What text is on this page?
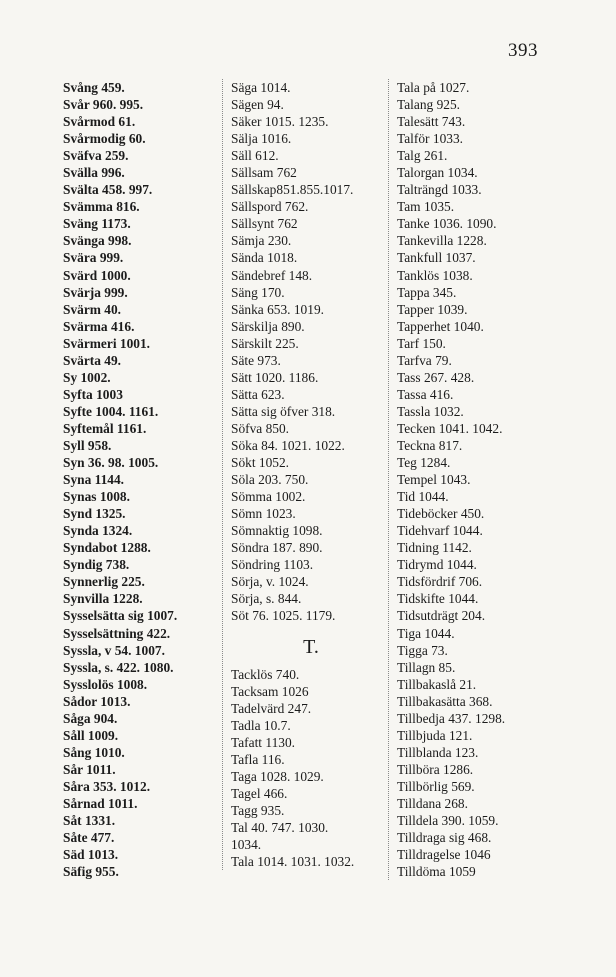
393
Svång 459.
Svår 960. 995.
Svårmod 61.
Svårmodig 60.
Sväfva 259.
Svälla 996.
Svälta 458. 997.
Svämma 816.
Sväng 1173.
Svänga 998.
Svära 999.
Svärd 1000.
Svärja 999.
Svärm 40.
Svärma 416.
Svärmeri 1001.
Svärta 49.
Sy 1002.
Syfta 1003
Syfte 1004. 1161.
Syftemål 1161.
Syll 958.
Syn 36. 98. 1005.
Syna 1144.
Synas 1008.
Synd 1325.
Synda 1324.
Syndabot 1288.
Syndig 738.
Synnerlig 225.
Synvilla 1228.
Sysselsätta sig 1007.
Sysselsättning 422.
Syssla, v 54. 1007.
Syssla, s. 422. 1080.
Sysslolös 1008.
Sådor 1013.
Såga 904.
Såll 1009.
Sång 1010.
Sår 1011.
Såra 353. 1012.
Sårnad 1011.
Såt 1331.
Såte 477.
Säd 1013.
Säfig 955.
Säga 1014.
Sägen 94.
Säker 1015. 1235.
Sälja 1016.
Säll 612.
Sällsam 762
Sällskap851.855.1017.
Sällspord 762.
Sällsynt 762
Sämja 230.
Sända 1018.
Sändebref 148.
Säng 170.
Sänka 653. 1019.
Särskilja 890.
Särskilt 225.
Säte 973.
Sätt 1020. 1186.
Sätta 623.
Sätta sig öfver 318.
Söfva 850.
Söka 84. 1021. 1022.
Sökt 1052.
Söla 203. 750.
Sömma 1002.
Sömn 1023.
Sömnaktig 1098.
Söndra 187. 890.
Söndring 1103.
Sörja, v. 1024.
Sörja, s. 844.
Söt 76. 1025. 1179.
T.
Tacklös 740.
Tacksam 1026
Tadelvärd 247.
Tadla 10.7.
Tafatt 1130.
Tafla 116.
Taga 1028. 1029.
Tagel 466.
Tagg 935.
Tal 40. 747. 1030.
1034.
Tala 1014. 1031. 1032.
Tala på 1027.
Talang 925.
Talesätt 743.
Talför 1033.
Talg 261.
Talorgan 1034.
Talträngd 1033.
Tam 1035.
Tanke 1036. 1090.
Tankevilla 1228.
Tankfull 1037.
Tanklös 1038.
Tappa 345.
Tapper 1039.
Tapperhet 1040.
Tarf 150.
Tarfva 79.
Tass 267. 428.
Tassa 416.
Tassla 1032.
Tecken 1041. 1042.
Teckna 817.
Teg 1284.
Tempel 1043.
Tid 1044.
Tideböcker 450.
Tidehvarf 1044.
Tidning 1142.
Tidrymd 1044.
Tidsfördrif 706.
Tidskifte 1044.
Tidsutdrägt 204.
Tiga 1044.
Tigga 73.
Tillagn 85.
Tillbakaslå 21.
Tillbakasätta 368.
Tillbedja 437. 1298.
Tillbjuda 121.
Tillblanda 123.
Tillböra 1286.
Tillbörlig 569.
Tilldana 268.
Tilldela 390. 1059.
Tilldraga sig 468.
Tilldragelse 1046
Tilldöma 1059
